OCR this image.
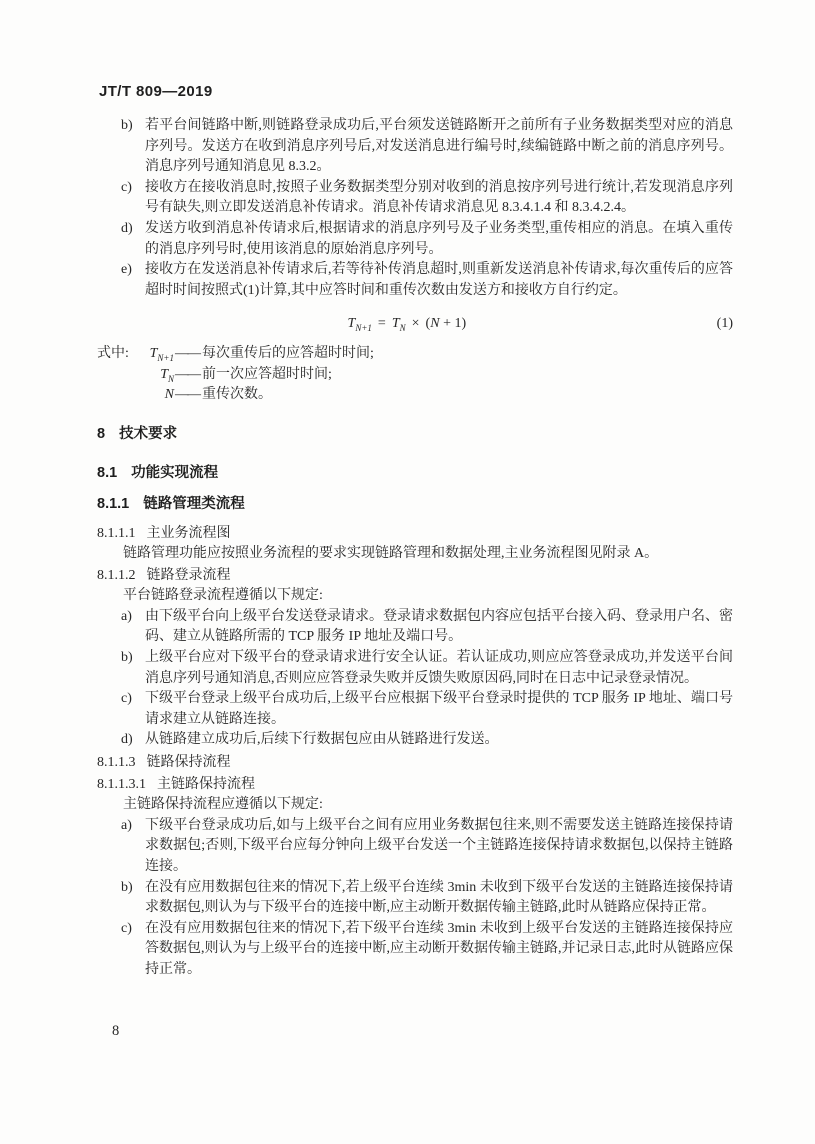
JT/T 809—2019
b) 若平台间链路中断,则链路登录成功后,平台须发送链路断开之前所有子业务数据类型对应的消息序列号。发送方在收到消息序列号后,对发送消息进行编号时,续编链路中断之前的消息序列号。消息序列号通知消息见 8.3.2。
c) 接收方在接收消息时,按照子业务数据类型分别对收到的消息按序列号进行统计,若发现消息序列号有缺失,则立即发送消息补传请求。消息补传请求消息见 8.3.4.1.4 和 8.3.4.2.4。
d) 发送方收到消息补传请求后,根据请求的消息序列号及子业务类型,重传相应的消息。在填入重传的消息序列号时,使用该消息的原始消息序列号。
e) 接收方在发送消息补传请求后,若等待补传消息超时,则重新发送消息补传请求,每次重传后的应答超时时间按照式(1)计算,其中应答时间和重传次数由发送方和接收方自行约定。
$T_{N+1} = T_N \times (N + 1)$	(1)
式中:	$T_{N+1}$ —— 每次重传后的应答超时时间;
$T_N$ —— 前一次应答超时时间;
N —— 重传次数。
8 技术要求
8.1 功能实现流程
8.1.1 链路管理类流程
8.1.1.1 主业务流程图

链路管理功能应按照业务流程的要求实现链路管理和数据处理,主业务流程图见附录 A。

8.1.1.2 链路登录流程

平台链路登录流程遵循以下规定:

a) 由下级平台向上级平台发送登录请求。登录请求数据包内容应包括平台接入码、登录用户名、密码、建立从链路所需的 TCP 服务 IP 地址及端口号。
b) 上级平台应对下级平台的登录请求进行安全认证。若认证成功,则应应答登录成功,并发送平台间消息序列号通知消息,否则应应答登录失败并反馈失败原因码,同时在日志中记录登录情况。
c) 下级平台登录上级平台成功后,上级平台应根据下级平台登录时提供的 TCP 服务 IP 地址、端口号请求建立从链路连接。
d) 从链路建立成功后,后续下行数据包应由从链路进行发送。
8.1.1.3 链路保持流程
8.1.1.3.1 主链路保持流程

主链路保持流程应遵循以下规定:

a) 下级平台登录成功后,如与上级平台之间有应用业务数据包往来,则不需要发送主链路连接保持请求数据包;否则,下级平台应每分钟向上级平台发送一个主链路连接保持请求数据包,以保持主链路连接。
b) 在没有应用数据包往来的情况下,若上级平台连续 3min 未收到下级平台发送的主链路连接保持请求数据包,则认为与下级平台的连接中断,应主动断开数据传输主链路,此时从链路应保持正常。
c) 在没有应用数据包往来的情况下,若下级平台连续 3min 未收到上级平台发送的主链路连接保持应答数据包,则认为与上级平台的连接中断,应主动断开数据传输主链路,并记录日志,此时从链路应保持正常。
8
